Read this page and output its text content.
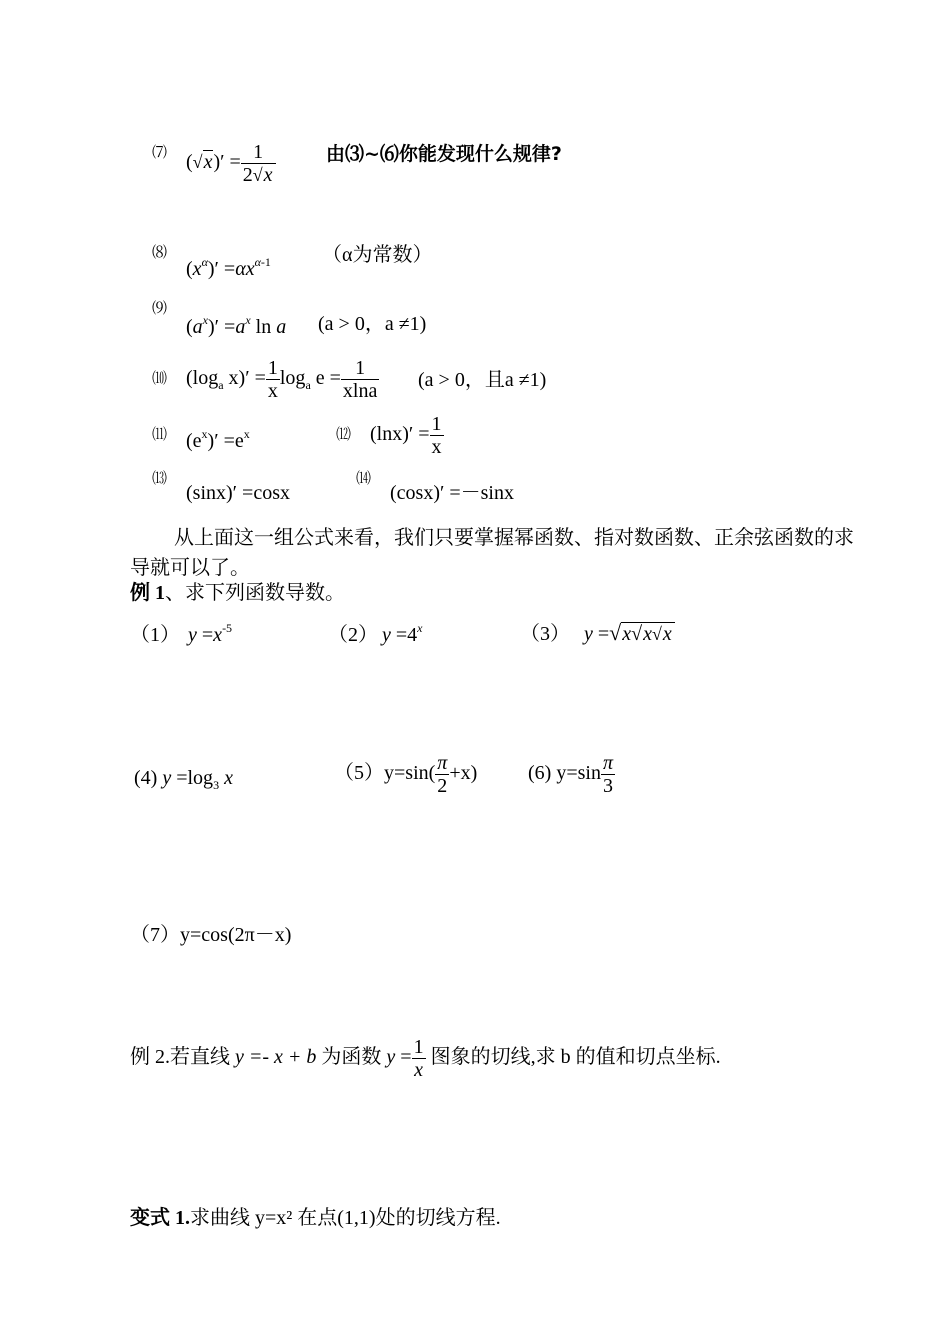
⑺ $(√x)' = \frac{1}{2√x}$	由⑶~⑹你能发现什么规律?
⑻
$(x^\alpha)' =\alpha x^{\alpha-1}$	（α为常数）
⑼
$(a^x)' =a^x$ ln a (a > 0，a ≠1)
⑽ ($\log_a$ $x)' = \frac{1}{x} \log_a e = \frac{1}{xlna} (a > 0$，且a ≠1)
⑾ $(e^x)' =e^x$	⑿ $(\ln x)' = \frac{1}{x}$
⒀
(sinx)′ =cosx
⒁
(cosx)′ =－sinx
从上面这一组公式来看，我们只要掌握幂函数、指对数函数、正余弦函数的求导就可以了。
例 1、求下列函数导数。
（1） $y =x^{-5}$	（2） $y =4^x$	（3） y =√x√x√x
(4) $y =\log_3$ x	$(5)y=\sin( \frac{\pi}{2} +x)$	(6) $y=\sin \frac{\pi}{3}$
（7）y=cos(2π－x)
例 2.若直线 y =- x + b 为函数 $y = \frac{1}{x}$ 图象的切线,求 b 的值和切点坐标.
变式 1.求曲线 y=x² 在点(1,1)处的切线方程.
